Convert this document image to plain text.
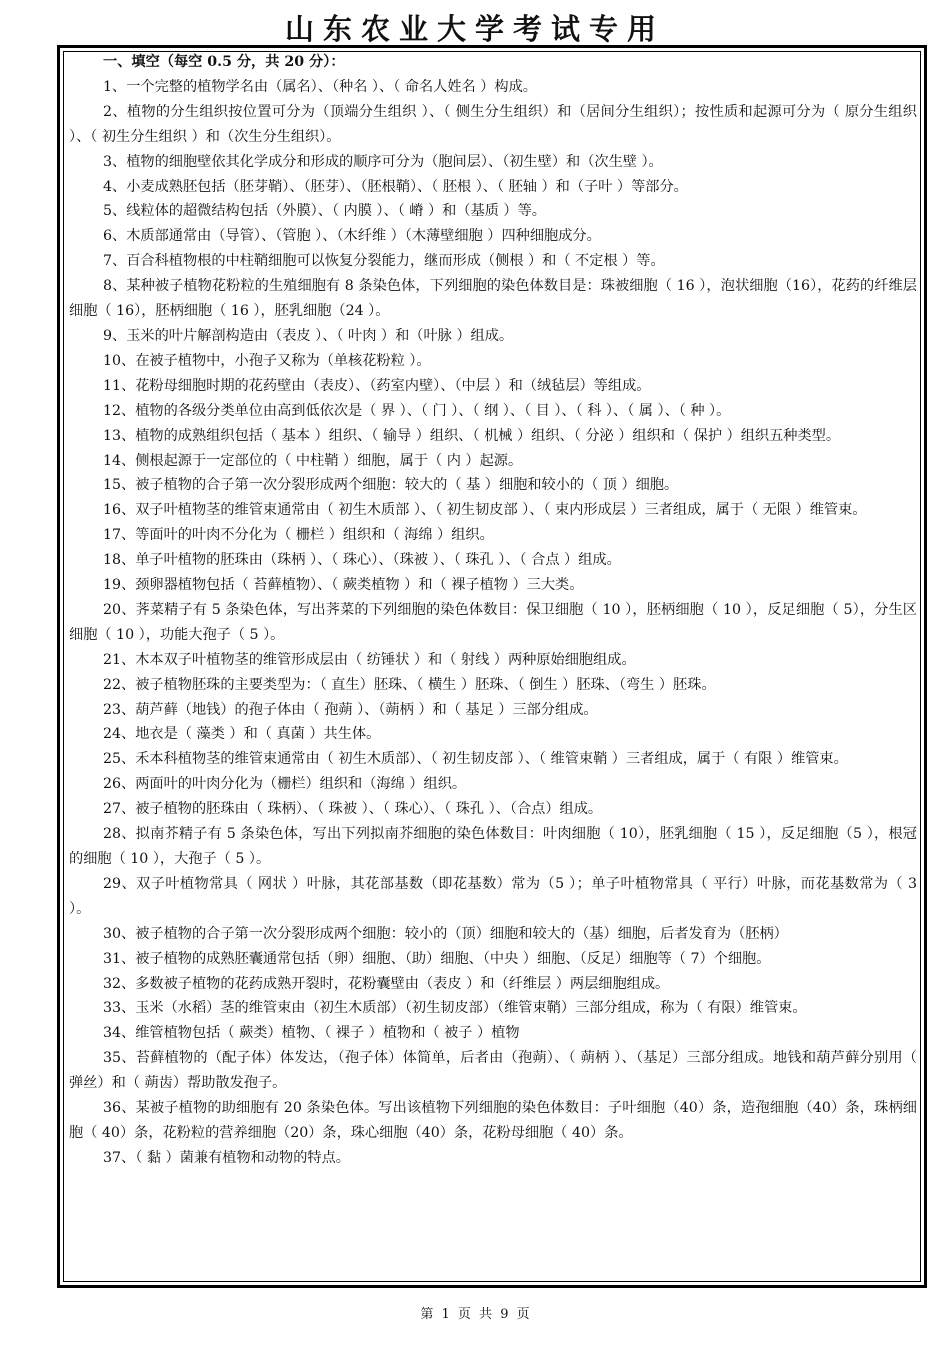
山东农业大学考试专用

一、填空（每空 0.5 分，共 20 分）：

1、一个完整的植物学名由（属名）、（种名 ）、（ 命名人姓名 ）构成。

2、植物的分生组织按位置可分为（顶端分生组织 ）、（ 侧生分生组织）和（居间分生组织）；按性质和起源可分为（ 原分生组织 ）、（ 初生分生组织 ）和（次生分生组织）。

3、植物的细胞壁依其化学成分和形成的顺序可分为（胞间层）、（初生壁）和（次生壁 ）。

4、小麦成熟胚包括（胚芽鞘）、（胚芽）、（胚根鞘）、（ 胚根 ）、（ 胚轴 ）和（子叶 ）等部分。

5、线粒体的超微结构包括（外膜）、（ 内膜 ）、（ 嵴 ）和（基质 ）等。

6、木质部通常由（导管）、（管胞 ）、（木纤维 ）（木薄壁细胞 ）四种细胞成分。

7、百合科植物根的中柱鞘细胞可以恢复分裂能力，继而形成（侧根 ）和（ 不定根 ）等。

8、某种被子植物花粉粒的生殖细胞有 8 条染色体，下列细胞的染色体数目是：珠被细胞（ 16 ），泡状细胞（16），花药的纤维层细胞（ 16），胚柄细胞（ 16 ），胚乳细胞（24 ）。

9、玉米的叶片解剖构造由（表皮 ）、（ 叶肉 ）和（叶脉 ）组成。

10、在被子植物中，小孢子又称为（单核花粉粒 ）。

11、花粉母细胞时期的花药壁由（表皮）、（药室内壁）、（中层 ）和（绒毡层）等组成。

12、植物的各级分类单位由高到低依次是（ 界 ）、（ 门 ）、（ 纲 ）、（ 目 ）、（ 科 ）、（ 属 ）、（ 种 ）。

13、植物的成熟组织包括（ 基本 ）组织、（ 输导 ）组织、（ 机械 ）组织、（ 分泌 ）组织和（ 保护 ）组织五种类型。

14、侧根起源于一定部位的（ 中柱鞘 ）细胞，属于（ 内 ）起源。

15、被子植物的合子第一次分裂形成两个细胞：较大的（ 基 ）细胞和较小的（ 顶 ）细胞。

16、双子叶植物茎的维管束通常由（ 初生木质部 ）、（ 初生韧皮部 ）、（ 束内形成层 ）三者组成，属于（ 无限 ）维管束。

17、等面叶的叶肉不分化为（ 栅栏 ）组织和（ 海绵 ）组织。

18、单子叶植物的胚珠由（珠柄 ）、（ 珠心）、（珠被 ）、（ 珠孔 ）、（ 合点 ）组成。

19、颈卵器植物包括（ 苔藓植物）、（ 蕨类植物 ）和（ 裸子植物 ）三大类。

20、荠菜精子有 5 条染色体，写出荠菜的下列细胞的染色体数目：保卫细胞（ 10 ），胚柄细胞（ 10 ），反足细胞（ 5），分生区细胞（ 10 ），功能大孢子（ 5 ）。

21、木本双子叶植物茎的维管形成层由（ 纺锤状 ）和（ 射线 ）两种原始细胞组成。

22、被子植物胚珠的主要类型为：（ 直生）胚珠、（ 横生 ）胚珠、（ 倒生 ）胚珠、（弯生 ）胚珠。

23、葫芦藓（地钱）的孢子体由（ 孢蒴 ）、（蒴柄 ）和（ 基足 ）三部分组成。

24、地衣是（ 藻类 ）和（ 真菌 ）共生体。

25、禾本科植物茎的维管束通常由（ 初生木质部）、（ 初生韧皮部 ）、（ 维管束鞘 ）三者组成，属于（ 有限 ）维管束。

26、两面叶的叶肉分化为（栅栏）组织和（海绵 ）组织。

27、被子植物的胚珠由（ 珠柄）、（ 珠被 ）、（ 珠心）、（ 珠孔 ）、（合点）组成。

28、拟南芥精子有 5 条染色体，写出下列拟南芥细胞的染色体数目：叶肉细胞（ 10），胚乳细胞（ 15 ），反足细胞（5 ），根冠的细胞（ 10 ），大孢子（ 5 ）。

29、双子叶植物常具（ 网状 ）叶脉，其花部基数（即花基数）常为（5 ）；单子叶植物常具（ 平行）叶脉，而花基数常为（ 3 ）。

30、被子植物的合子第一次分裂形成两个细胞：较小的（顶）细胞和较大的（基）细胞，后者发育为（胚柄）

31、被子植物的成熟胚囊通常包括（卵）细胞、（助）细胞、（中央 ）细胞、（反足）细胞等（ 7）个细胞。

32、多数被子植物的花药成熟开裂时，花粉囊壁由（表皮 ）和（纤维层 ）两层细胞组成。

33、玉米（水稻）茎的维管束由（初生木质部）（初生韧皮部）（维管束鞘）三部分组成，称为（ 有限）维管束。

34、维管植物包括（ 蕨类）植物、（ 裸子 ）植物和（ 被子 ）植物

35、苔藓植物的（配子体）体发达，（孢子体）体简单，后者由（孢蒴）、（ 蒴柄 ）、（基足）三部分组成。地钱和葫芦藓分别用（ 弹丝）和（ 蒴齿）帮助散发孢子。

36、某被子植物的助细胞有 20 条染色体。写出该植物下列细胞的染色体数目：子叶细胞（40）条，造孢细胞（40）条，珠柄细胞（ 40）条，花粉粒的营养细胞（20）条，珠心细胞（40）条，花粉母细胞（ 40）条。

37、（ 黏 ）菌兼有植物和动物的特点。

第 1 页 共 9 页
